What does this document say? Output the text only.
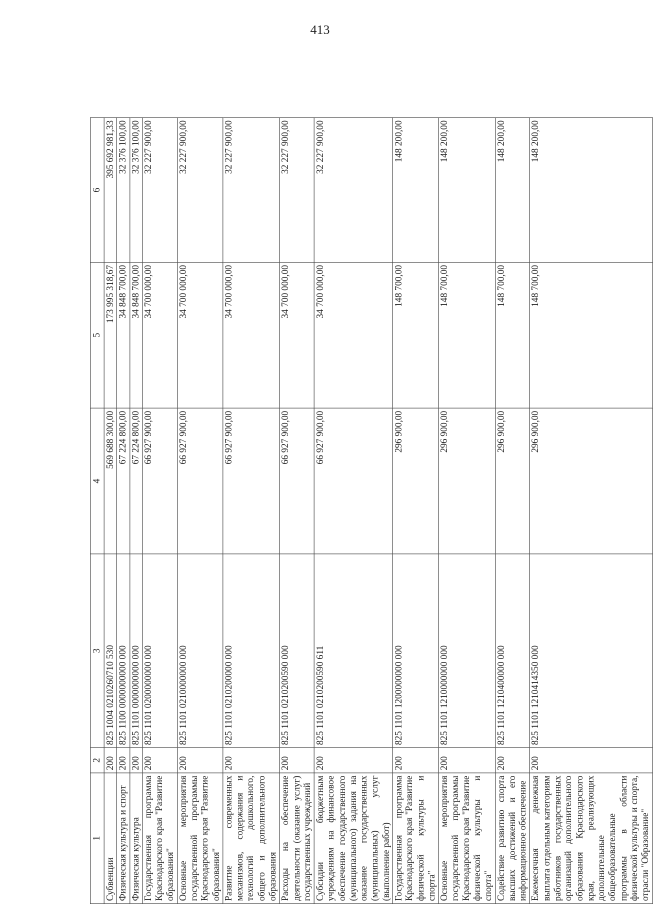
413
1	2	3	4	5	6
Субвенции	200	825 1004 0210260710 530	569 688 300,00	173 995 318,67	395 692 981,33
Физическая культура и спорт	200	825 1100 0000000000 000	67 224 800,00	34 848 700,00	32 376 100,00
Физическая культура	200	825 1101 0000000000 000	67 224 800,00	34 848 700,00	32 376 100,00
Государственная программа Краснодарского края "Развитие образования"	200	825 1101 0200000000 000	66 927 900,00	34 700 000,00	32 227 900,00
Основные мероприятия государственной программы Краснодарского края "Развитие образования"	200	825 1101 0210000000 000	66 927 900,00	34 700 000,00	32 227 900,00
Развитие современных механизмов, содержания и технологий дошкольного, общего и дополнительного образования	200	825 1101 0210200000 000	66 927 900,00	34 700 000,00	32 227 900,00
Расходы на обеспечение деятельности (оказание услуг) государственных учреждений	200	825 1101 0210200590 000	66 927 900,00	34 700 000,00	32 227 900,00
Субсидии бюджетным учреждениям на финансовое обеспечение государственного (муниципального) задания на оказание государственных (муниципальных) услуг (выполнение работ)	200	825 1101 0210200590 611	66 927 900,00	34 700 000,00	32 227 900,00
Государственная программа Краснодарского края "Развитие физической культуры и спорта"	200	825 1101 1200000000 000	296 900,00	148 700,00	148 200,00
Основные мероприятия государственной программы Краснодарского края "Развитие физической культуры и спорта"	200	825 1101 1210000000 000	296 900,00	148 700,00	148 200,00
Содействие развитию спорта высших достижений и его информационное обеспечение	200	825 1101 1210400000 000	296 900,00	148 700,00	148 200,00
Ежемесячная денежная выплата отдельным категориям работников государственных организаций дополнительного образования Краснодарского края, реализующих дополнительные общеобразовательные программы в области физической культуры и спорта, отрасли "Образование"	200	825 1101 1210414350 000	296 900,00	148 700,00	148 200,00
